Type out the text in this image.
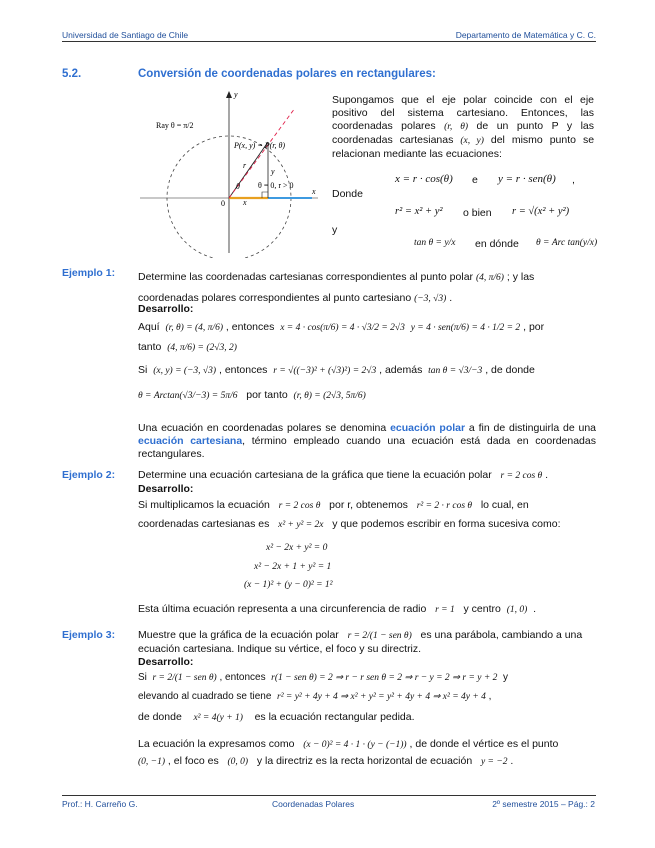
Universidad de Santiago de Chile	Departamento de Matemática y C. C.
5.2.	Conversión de coordenadas polares en rectangulares:
y
x
Ray θ = π/2
P(x, y) = P(r, θ)
r
y
x
θ
0
θ = 0, r > 0

Supongamos que el eje polar coincide con el eje positivo del sistema cartesiano. Entonces, las coordenadas polares (r, θ) de un punto P y las coordenadas cartesianas (x, y) del mismo punto se relacionan mediante las ecuaciones:

x = r · cos(θ) e y = r · sen(θ) ,
Donde
r² = x² + y² o bien r = √(x² + y²)
y
tan θ = y/x en dónde θ = Arc tan(y/x)
Ejemplo 1: Determine las coordenadas cartesianas correspondientes al punto polar (4, π/6) ; y las
coordenadas polares correspondientes al punto cartesiano (−3, √3) .

Desarrollo:
Aquí (r, θ) = (4, π/6) , entonces x = 4 · cos(π/6) = 4 · √3/2 = 2√3 y = 4 · sen(π/6) = 4 · 1/2 = 2 , por
tanto (4, π/6) = (2√3, 2)
Si (x, y) = (−3, √3) , entonces r = √((−3)² + (√3)²) = 2√3 , además tan θ = √3/−3 , de donde
θ = Arctan(√3/−3) = 5π/6 por tanto (r, θ) = (2√3, 5π/6)

Una ecuación en coordenadas polares se denomina ecuación polar a fin de distinguirla de una ecuación cartesiana, término empleado cuando una ecuación está dada en coordenadas rectangulares.

Ejemplo 2: Determine una ecuación cartesiana de la gráfica que tiene la ecuación polar r = 2 cos θ .
Desarrollo:
Si multiplicamos la ecuación r = 2 cos θ por r, obtenemos r² = 2 · r cos θ lo cual, en
coordenadas cartesianas es x² + y² = 2x y que podemos escribir en forma sucesiva como:
x² − 2x + y² = 0
x² − 2x + 1 + y² = 1
(x − 1)² + (y − 0)² = 1²
Esta última ecuación representa a una circunferencia de radio r = 1 y centro (1, 0) .
Ejemplo 3: Muestre que la gráfica de la ecuación polar r = 2/(1 − sen θ) es una parábola, cambiando a una
ecuación cartesiana. Indique su vértice, el foco y su directriz.
Desarrollo:
Si r = 2/(1 − sen θ) , entonces r(1 − sen θ) = 2 ⇒ r − r sen θ = 2 ⇒ r − y = 2 ⇒ r = y + 2 y
elevando al cuadrado se tiene r² = y² + 4y + 4 ⇒ x² + y² = y² + 4y + 4 ⇒ x² = 4y + 4 ,
de donde x² = 4(y + 1) es la ecuación rectangular pedida.
La ecuación la expresamos como (x − 0)² = 4 · 1 · (y − (−1)) , de donde el vértice es el punto
(0, −1) , el foco es (0, 0) y la directriz es la recta horizontal de ecuación y = −2 .
Prof.: H. Carreño G.	Coordenadas Polares	2º semestre 2015 – Pág.: 2
